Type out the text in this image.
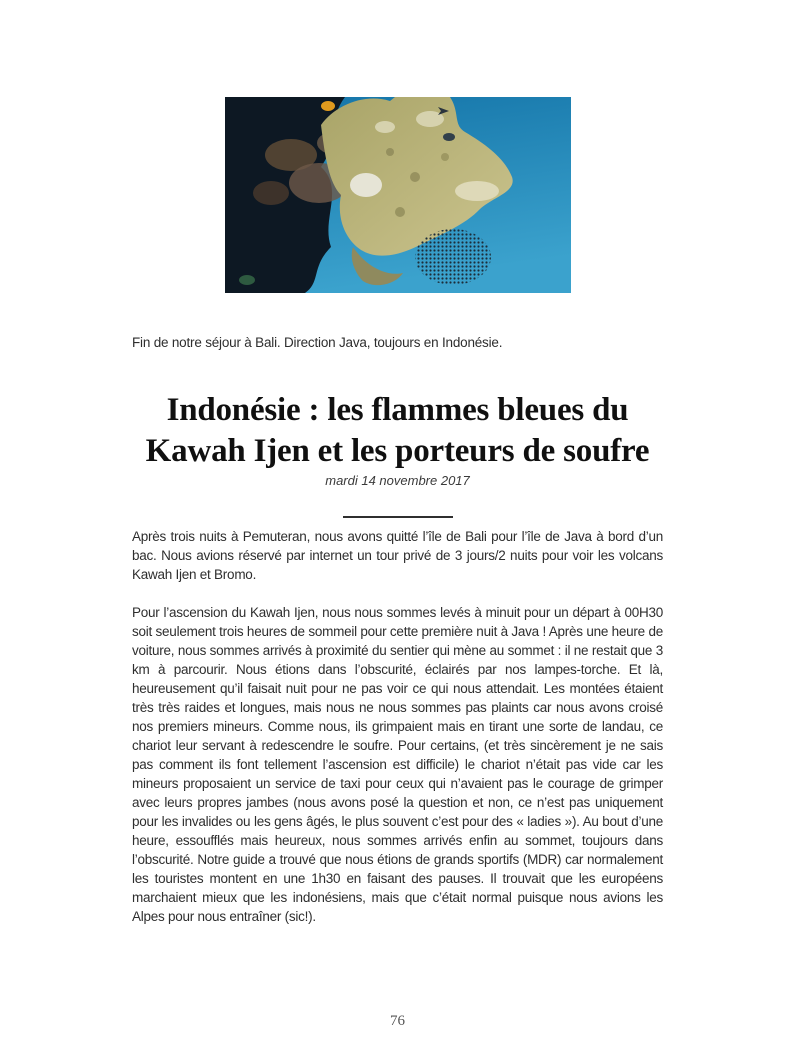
Fin de notre séjour à Bali. Direction Java, toujours en Indonésie.

Indonésie : les flammes bleues du Kawah Ijen et les porteurs de soufre

mardi 14 novembre 2017

Après trois nuits à Pemuteran, nous avons quitté l’île de Bali pour l’île de Java à bord d’un bac. Nous avions réservé par internet un tour privé de 3 jours/2 nuits pour voir les volcans Kawah Ijen et Bromo.

Pour l’ascension du Kawah Ijen, nous nous sommes levés à minuit pour un départ à 00H30 soit seulement trois heures de sommeil pour cette première nuit à Java ! Après une heure de voiture, nous sommes arrivés à proximité du sentier qui mène au sommet : il ne restait que 3 km à parcourir. Nous étions dans l’obscurité, éclairés par nos lampes-torche. Et là, heureusement qu’il faisait nuit pour ne pas voir ce qui nous attendait. Les montées étaient très très raides et longues, mais nous ne nous sommes pas plaints car nous avons croisé nos premiers mineurs. Comme nous, ils grimpaient mais en tirant une sorte de landau, ce chariot leur servant à redescendre le soufre. Pour certains, (et très sincèrement je ne sais pas comment ils font tellement l’ascension est difficile) le chariot n’était pas vide car les mineurs proposaient un service de taxi pour ceux qui n’avaient pas le courage de grimper avec leurs propres jambes (nous avons posé la question et non, ce n’est pas uniquement pour les invalides ou les gens âgés, le plus souvent c’est pour des « ladies »). Au bout d’une heure, essoufflés mais heureux, nous sommes arrivés enfin au sommet, toujours dans l’obscurité. Notre guide a trouvé que nous étions de grands sportifs (MDR) car normalement les touristes montent en une 1h30 en faisant des pauses. Il trouvait que les européens marchaient mieux que les indonésiens, mais que c’était normal puisque nous avions les Alpes pour nous entraîner (sic!).

76
